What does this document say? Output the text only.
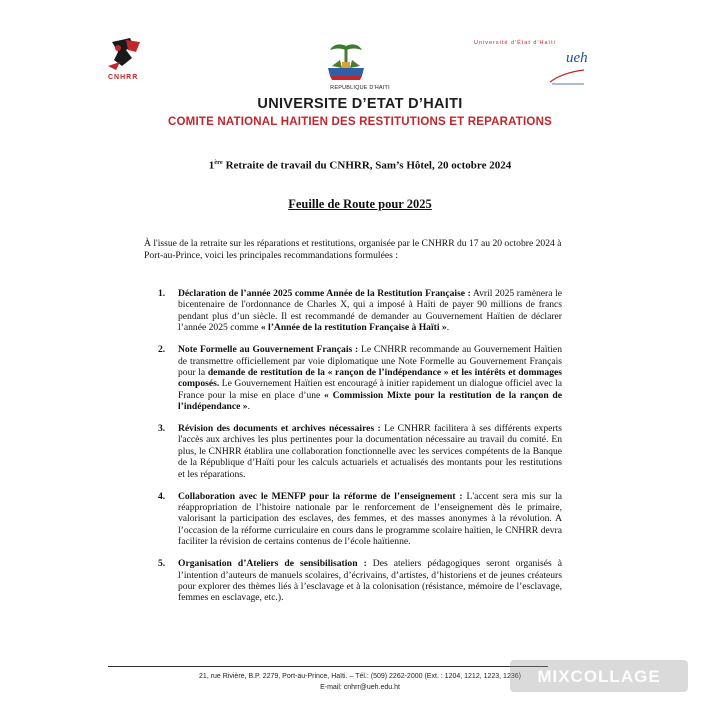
CNHRR
Université d'État d'Haïti
ueh
REPUBLIQUE D'HAITI
UNIVERSITE D’ETAT D’HAITI
COMITE NATIONAL HAITIEN DES RESTITUTIONS ET REPARATIONS
1ère Retraite de travail du CNHRR, Sam’s Hôtel, 20 octobre 2024
Feuille de Route pour 2025
À l'issue de la retraite sur les réparations et restitutions, organisée par le CNHRR du 17 au 20 octobre 2024 à Port-au-Prince, voici les principales recommandations formulées :
1. Déclaration de l’année 2025 comme Année de la Restitution Française : Avril 2025 ramènera le bicentenaire de l'ordonnance de Charles X, qui a imposé à Haïti de payer 90 millions de francs pendant plus d’un siècle. Il est recommandé de demander au Gouvernement Haïtien de déclarer l’année 2025 comme « l’Année de la restitution Française à Haïti ».
2. Note Formelle au Gouvernement Français : Le CNHRR recommande au Gouvernement Haïtien de transmettre officiellement par voie diplomatique une Note Formelle au Gouvernement Français pour la demande de restitution de la « rançon de l’indépendance » et les intérêts et dommages composés. Le Gouvernement Haïtien est encouragé à initier rapidement un dialogue officiel avec la France pour la mise en place d’une « Commission Mixte pour la restitution de la rançon de l’indépendance ».
3. Révision des documents et archives nécessaires : Le CNHRR facilitera à ses différents experts l'accès aux archives les plus pertinentes pour la documentation nécessaire au travail du comité. En plus, le CNHRR établira une collaboration fonctionnelle avec les services compétents de la Banque de la République d’Haïti pour les calculs actuariels et actualisés des montants pour les restitutions et les réparations.
4. Collaboration avec le MENFP pour la réforme de l’enseignement : L'accent sera mis sur la réappropriation de l’histoire nationale par le renforcement de l’enseignement dès le primaire, valorisant la participation des esclaves, des femmes, et des masses anonymes à la révolution. A l’occasion de la réforme curriculaire en cours dans le programme scolaire haïtien, le CNHRR devra faciliter la révision de certains contenus de l’école haïtienne.
5. Organisation d’Ateliers de sensibilisation : Des ateliers pédagogiques seront organisés à l’intention d’auteurs de manuels scolaires, d’écrivains, d’artistes, d’historiens et de jeunes créateurs pour explorer des thèmes liés à l’esclavage et à la colonisation (résistance, mémoire de l’esclavage, femmes en esclavage, etc.).
21, rue Rivière, B.P. 2279, Port-au-Prince, Haïti. – Tél.: (509) 2262-2000 (Ext. : 1204, 1212, 1223, 1236)
E-mail: cnhrr@ueh.edu.ht
MIXCOLLAGE
